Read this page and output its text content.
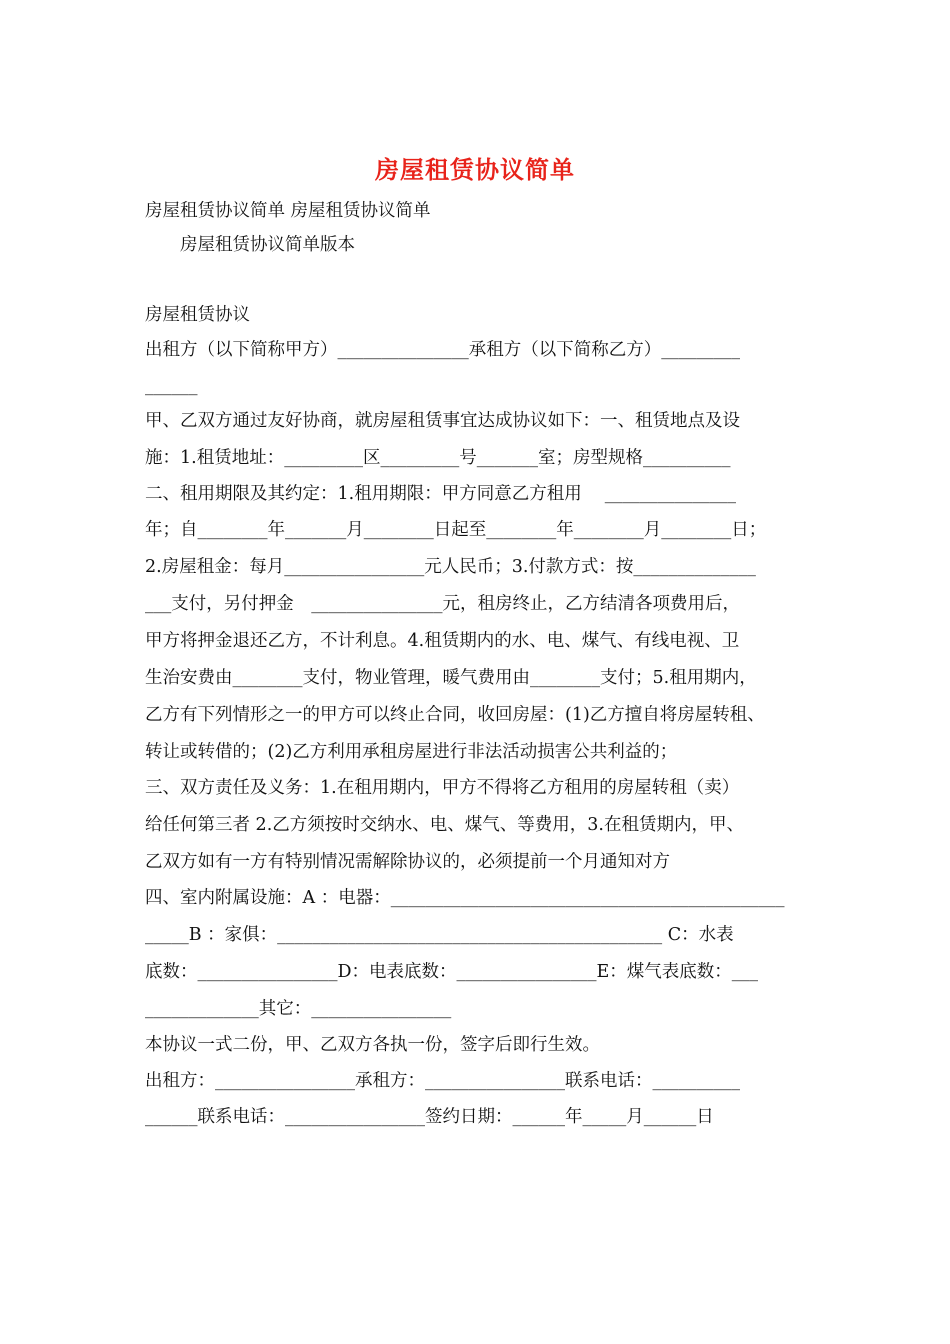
房屋租赁协议简单
房屋租赁协议简单 房屋租赁协议简单
　　房屋租赁协议简单版本
房屋租赁协议
出租方（以下简称甲方）_______________承租方（以下简称乙方）_________
______
甲、乙双方通过友好协商，就房屋租赁事宜达成协议如下：一、租赁地点及设
施：1.租赁地址：_________区_________号_______室；房型规格__________
二、租用期限及其约定：1.租用期限：甲方同意乙方租用　 _______________
年；自________年_______月________日起至________年________月________日；
2.房屋租金：每月________________元人民币；3.付款方式：按______________
___支付，另付押金　_______________元，租房终止，乙方结清各项费用后，
甲方将押金退还乙方，不计利息。4.租赁期内的水、电、煤气、有线电视、卫
生治安费由________支付，物业管理，暖气费用由________支付；5.租用期内，
乙方有下列情形之一的甲方可以终止合同，收回房屋：(1)乙方擅自将房屋转租、
转让或转借的；(2)乙方利用承租房屋进行非法活动损害公共利益的；
三、双方责任及义务：1.在租用期内，甲方不得将乙方租用的房屋转租（卖）
给任何第三者 2.乙方须按时交纳水、电、煤气、等费用，3.在租赁期内，甲、
乙双方如有一方有特别情况需解除协议的，必须提前一个月通知对方
四、室内附属设施：A ：电器：_____________________________________________
_____B ：家俱：____________________________________________ C：水表
底数：________________D：电表底数：________________E：煤气表底数：___
_____________其它：________________
本协议一式二份，甲、乙双方各执一份，签字后即行生效。
出租方：________________承租方：________________联系电话：__________
______联系电话：________________签约日期：______年_____月______日
